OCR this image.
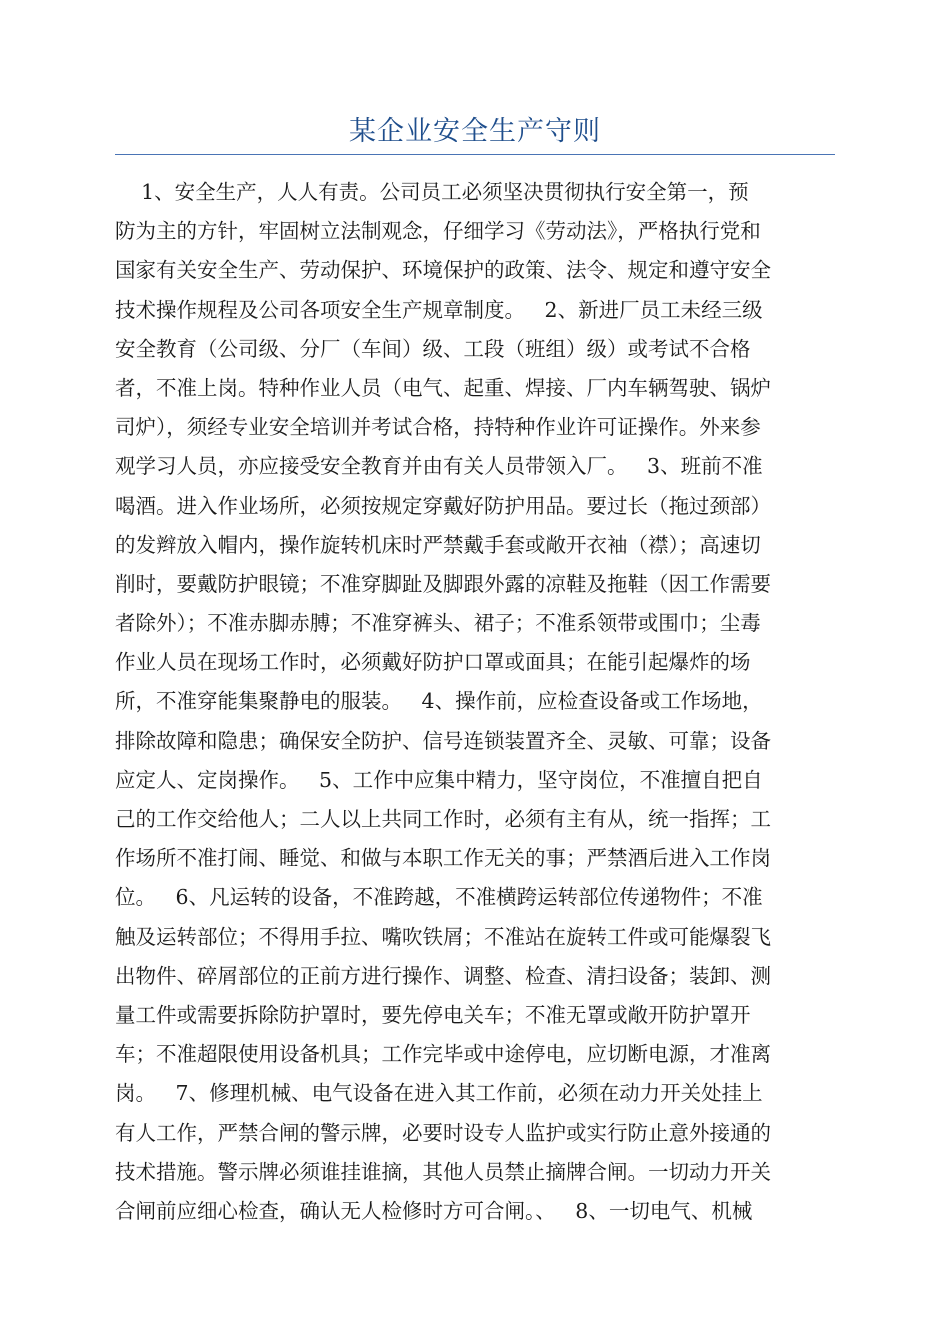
某企业安全生产守则
1、安全生产，人人有责。公司员工必须坚决贯彻执行安全第一，预
防为主的方针，牢固树立法制观念，仔细学习《劳动法》，严格执行党和
国家有关安全生产、劳动保护、环境保护的政策、法令、规定和遵守安全
技术操作规程及公司各项安全生产规章制度。   2、新进厂员工未经三级
安全教育（公司级、分厂（车间）级、工段（班组）级）或考试不合格
者，不准上岗。特种作业人员（电气、起重、焊接、厂内车辆驾驶、锅炉
司炉），须经专业安全培训并考试合格，持特种作业许可证操作。外来参
观学习人员，亦应接受安全教育并由有关人员带领入厂。   3、班前不准
喝酒。进入作业场所，必须按规定穿戴好防护用品。要过长（拖过颈部）
的发辫放入帽内，操作旋转机床时严禁戴手套或敞开衣袖（襟）；高速切
削时，要戴防护眼镜；不准穿脚趾及脚跟外露的凉鞋及拖鞋（因工作需要
者除外）；不准赤脚赤膊；不准穿裤头、裙子；不准系领带或围巾；尘毒
作业人员在现场工作时，必须戴好防护口罩或面具；在能引起爆炸的场
所，不准穿能集聚静电的服装。   4、操作前，应检查设备或工作场地，
排除故障和隐患；确保安全防护、信号连锁装置齐全、灵敏、可靠；设备
应定人、定岗操作。   5、工作中应集中精力，坚守岗位，不准擅自把自
己的工作交给他人；二人以上共同工作时，必须有主有从，统一指挥；工
作场所不准打闹、睡觉、和做与本职工作无关的事；严禁酒后进入工作岗
位。   6、凡运转的设备，不准跨越，不准横跨运转部位传递物件；不准
触及运转部位；不得用手拉、嘴吹铁屑；不准站在旋转工件或可能爆裂飞
出物件、碎屑部位的正前方进行操作、调整、检查、清扫设备；装卸、测
量工件或需要拆除防护罩时，要先停电关车；不准无罩或敞开防护罩开
车；不准超限使用设备机具；工作完毕或中途停电，应切断电源，才准离
岗。   7、修理机械、电气设备在进入其工作前，必须在动力开关处挂上
有人工作，严禁合闸的警示牌，必要时设专人监护或实行防止意外接通的
技术措施。警示牌必须谁挂谁摘，其他人员禁止摘牌合闸。一切动力开关
合闸前应细心检查，确认无人检修时方可合闸。、   8、一切电气、机械
